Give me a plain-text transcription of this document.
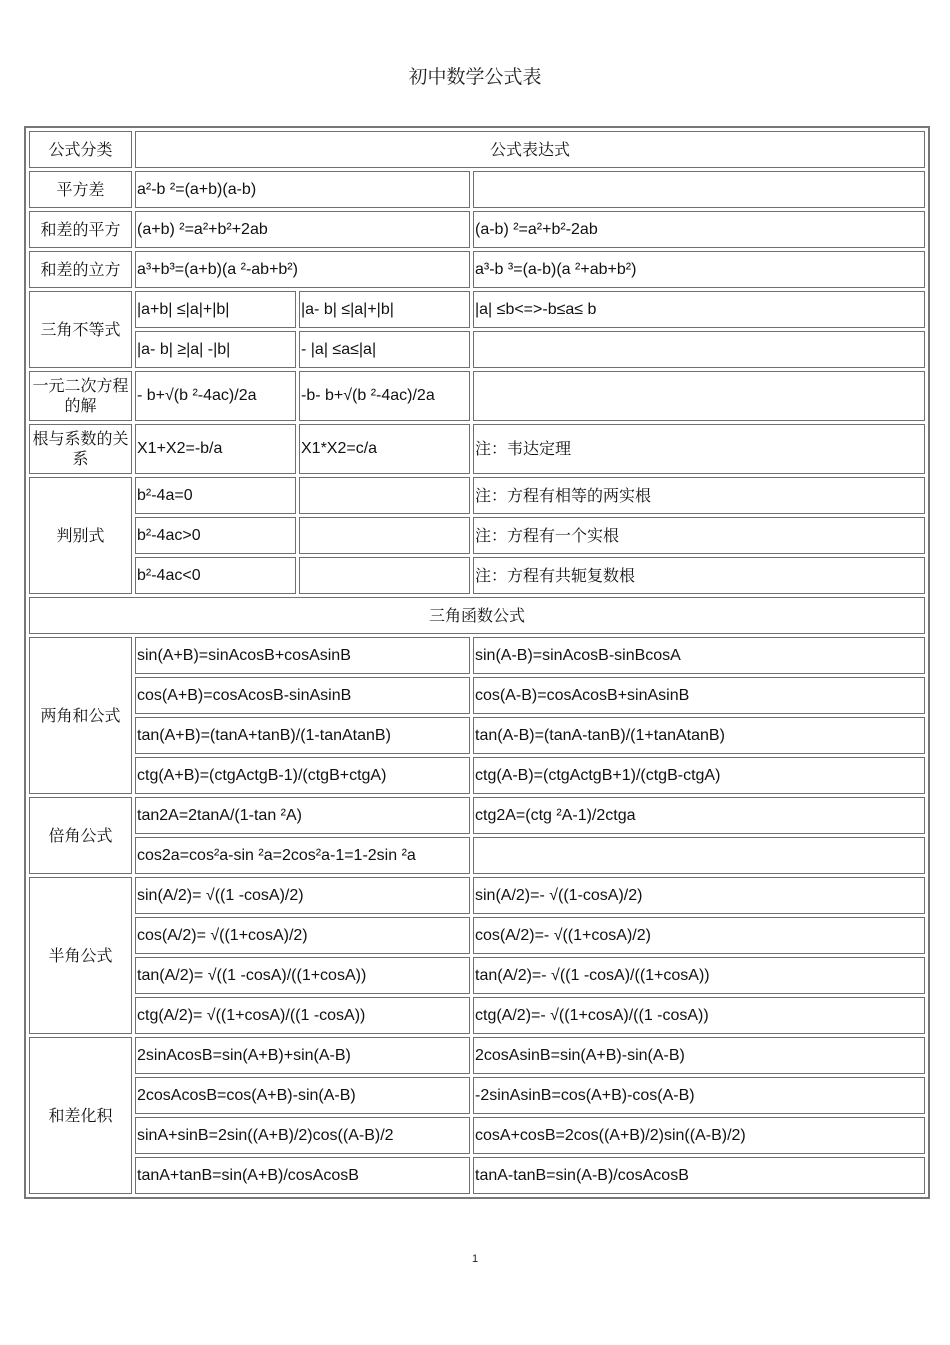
初中数学公式表
公式分类	公式表达式		
平方差	a²-b ²=(a+b)(a-b)		
和差的平方	(a+b) ²=a²+b²+2ab		(a-b) ²=a²+b²-2ab
和差的立方	a³+b³=(a+b)(a ²-ab+b²)		a³-b ³=(a-b)(a ²+ab+b²)
三角不等式	|a+b| ≤|a|+|b|	|a- b| ≤|a|+|b|	|a| ≤b<=>-b≤a≤ b
	|a- b| ≥|a| -|b|	- |a| ≤a≤|a|	
一元二次方程的解	- b+√(b ²-4ac)/2a	-b- b+√(b ²-4ac)/2a	
根与系数的关系	X1+X2=-b/a	X1*X2=c/a	注：韦达定理
判别式	b²-4a=0		注：方程有相等的两实根
	b²-4ac>0		注：方程有一个实根
	b²-4ac<0		注：方程有共轭复数根
三角函数公式			
两角和公式	sin(A+B)=sinAcosB+cosAsinB		sin(A-B)=sinAcosB-sinBcosA
	cos(A+B)=cosAcosB-sinAsinB		cos(A-B)=cosAcosB+sinAsinB
	tan(A+B)=(tanA+tanB)/(1-tanAtanB)		tan(A-B)=(tanA-tanB)/(1+tanAtanB)
	ctg(A+B)=(ctgActgB-1)/(ctgB+ctgA)		ctg(A-B)=(ctgActgB+1)/(ctgB-ctgA)
倍角公式	tan2A=2tanA/(1-tan ²A)		ctg2A=(ctg ²A-1)/2ctga
	cos2a=cos²a-sin ²a=2cos²a-1=1-2sin ²a		
半角公式	sin(A/2)= √((1 -cosA)/2)		sin(A/2)=- √((1-cosA)/2)
	cos(A/2)= √((1+cosA)/2)		cos(A/2)=- √((1+cosA)/2)
	tan(A/2)= √((1 -cosA)/((1+cosA))		tan(A/2)=- √((1 -cosA)/((1+cosA))
	ctg(A/2)= √((1+cosA)/((1 -cosA))		ctg(A/2)=- √((1+cosA)/((1 -cosA))
和差化积	2sinAcosB=sin(A+B)+sin(A-B)		2cosAsinB=sin(A+B)-sin(A-B)
	2cosAcosB=cos(A+B)-sin(A-B)		-2sinAsinB=cos(A+B)-cos(A-B)
	sinA+sinB=2sin((A+B)/2)cos((A-B)/2		cosA+cosB=2cos((A+B)/2)sin((A-B)/2)
	tanA+tanB=sin(A+B)/cosAcosB		tanA-tanB=sin(A-B)/cosAcosB
1
